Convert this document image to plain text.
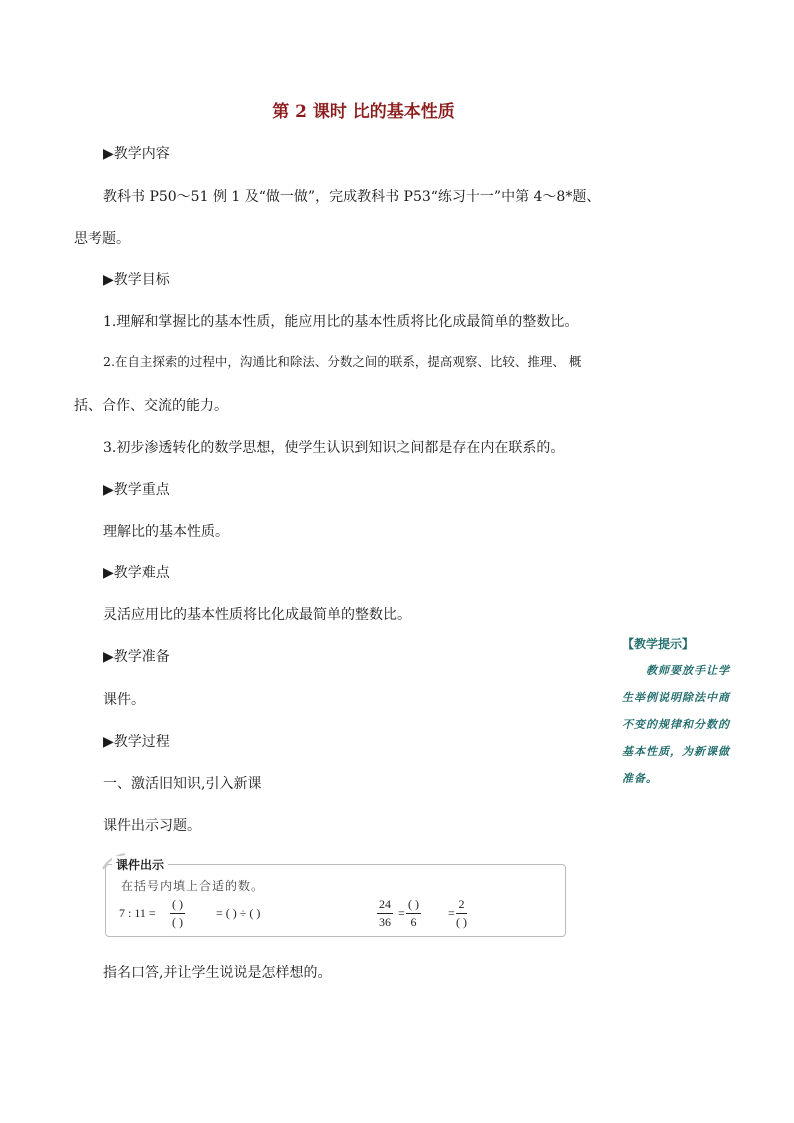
第 2 课时 比的基本性质
▶教学内容
教科书 P50～51 例 1 及“做一做”，完成教科书 P53“练习十一”中第 4～8*题、
思考题。
▶教学目标
1.理解和掌握比的基本性质，能应用比的基本性质将比化成最简单的整数比。
2.在自主探索的过程中，沟通比和除法、分数之间的联系，提高观察、比较、推理、 概
括、合作、交流的能力。
3.初步渗透转化的数学思想，使学生认识到知识之间都是存在内在联系的。
▶教学重点
理解比的基本性质。
▶教学难点
灵活应用比的基本性质将比化成最简单的整数比。
▶教学准备
课件。
▶教学过程
一、激活旧知识,引入新课
课件出示习题。
课件出示
在括号内填上合适的数。
7 : 11 =
( )
( )
= ( ) ÷ ( )	$\frac{24}{36}$ =
( )
6
=
2
( )
指名口答,并让学生说说是怎样想的。
【教学提示】
教师要放手让学
生举例说明除法中商
不变的规律和分数的
基本性质，为新课做
准备。
